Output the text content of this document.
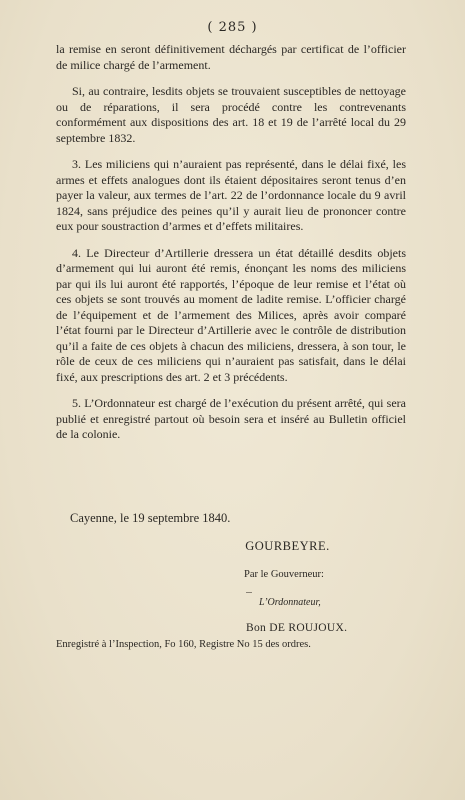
( 285 )

la remise en seront définitivement déchargés par certificat de l’officier de milice chargé de l’armement.

Si, au contraire, lesdits objets se trouvaient susceptibles de nettoyage ou de réparations, il sera procédé contre les contrevenants conformément aux dispositions des art. 18 et 19 de l’arrêté local du 29 septembre 1832.

3. Les miliciens qui n’auraient pas représenté, dans le délai fixé, les armes et effets analogues dont ils étaient dépositaires seront tenus d’en payer la valeur, aux termes de l’art. 22 de l’ordonnance locale du 9 avril 1824, sans préjudice des peines qu’il y aurait lieu de prononcer contre eux pour soustraction d’armes et d’effets militaires.

4. Le Directeur d’Artillerie dressera un état détaillé desdits objets d’armement qui lui auront été remis, énonçant les noms des miliciens par qui ils lui auront été rapportés, l’époque de leur remise et l’état où ces objets se sont trouvés au moment de ladite remise. L’officier chargé de l’équipement et de l’armement des Milices, après avoir comparé l’état fourni par le Directeur d’Artillerie avec le contrôle de distribution qu’il a faite de ces objets à chacun des miliciens, dressera, à son tour, le rôle de ceux de ces miliciens qui n’auraient pas satisfait, dans le délai fixé, aux prescriptions des art. 2 et 3 précédents.

5. L’Ordonnateur est chargé de l’exécution du présent arrêté, qui sera publié et enregistré partout où besoin sera et inséré au Bulletin officiel de la colonie.

Cayenne, le 19 septembre 1840.
GOURBEYRE.
Par le Gouverneur:
L’Ordonnateur,
Bon DE ROUJOUX.
Enregistré à l’Inspection, Fo 160, Registre No 15 des ordres.
